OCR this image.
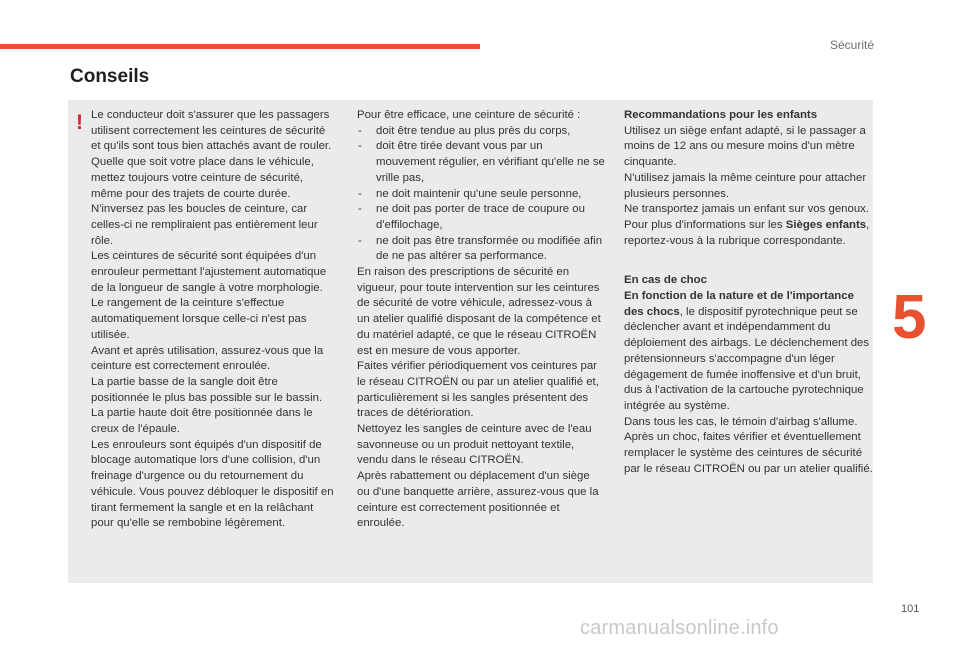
Sécurité
Conseils
! Le conducteur doit s'assurer que les passagers utilisent correctement les ceintures de sécurité et qu'ils sont tous bien attachés avant de rouler.

Quelle que soit votre place dans le véhicule, mettez toujours votre ceinture de sécurité, même pour des trajets de courte durée.

N'inversez pas les boucles de ceinture, car celles-ci ne rempliraient pas entièrement leur rôle.

Les ceintures de sécurité sont équipées d'un enrouleur permettant l'ajustement automatique de la longueur de sangle à votre morphologie. Le rangement de la ceinture s'effectue automatiquement lorsque celle-ci n'est pas utilisée.

Avant et après utilisation, assurez-vous que la ceinture est correctement enroulée.

La partie basse de la sangle doit être positionnée le plus bas possible sur le bassin.

La partie haute doit être positionnée dans le creux de l'épaule.

Les enrouleurs sont équipés d'un dispositif de blocage automatique lors d'une collision, d'un freinage d'urgence ou du retournement du véhicule. Vous pouvez débloquer le dispositif en tirant fermement la sangle et en la relâchant pour qu'elle se rembobine légèrement.

Pour être efficace, une ceinture de sécurité :

- doit être tendue au plus près du corps,

- doit être tirée devant vous par un mouvement régulier, en vérifiant qu'elle ne se vrille pas,

- ne doit maintenir qu'une seule personne,

- ne doit pas porter de trace de coupure ou d'effilochage,

- ne doit pas être transformée ou modifiée afin de ne pas altérer sa performance.

En raison des prescriptions de sécurité en vigueur, pour toute intervention sur les ceintures de sécurité de votre véhicule, adressez-vous à un atelier qualifié disposant de la compétence et du matériel adapté, ce que le réseau CITROËN est en mesure de vous apporter.

Faites vérifier périodiquement vos ceintures par le réseau CITROËN ou par un atelier qualifié et, particulièrement si les sangles présentent des traces de détérioration.

Nettoyez les sangles de ceinture avec de l'eau savonneuse ou un produit nettoyant textile, vendu dans le réseau CITROËN.

Après rabattement ou déplacement d'un siège ou d'une banquette arrière, assurez-vous que la ceinture est correctement positionnée et enroulée.

Recommandations pour les enfants

Utilisez un siège enfant adapté, si le passager a moins de 12 ans ou mesure moins d'un mètre cinquante.

N'utilisez jamais la même ceinture pour attacher plusieurs personnes.

Ne transportez jamais un enfant sur vos genoux.

Pour plus d'informations sur les Sièges enfants, reportez-vous à la rubrique correspondante.

En cas de choc

En fonction de la nature et de l'importance des chocs, le dispositif pyrotechnique peut se déclencher avant et indépendamment du déploiement des airbags. Le déclenchement des prétensionneurs s'accompagne d'un léger dégagement de fumée inoffensive et d'un bruit, dus à l'activation de la cartouche pyrotechnique intégrée au système.

Dans tous les cas, le témoin d'airbag s'allume.

Après un choc, faites vérifier et éventuellement remplacer le système des ceintures de sécurité par le réseau CITROËN ou par un atelier qualifié.

5
101
carmanualsonline.info
